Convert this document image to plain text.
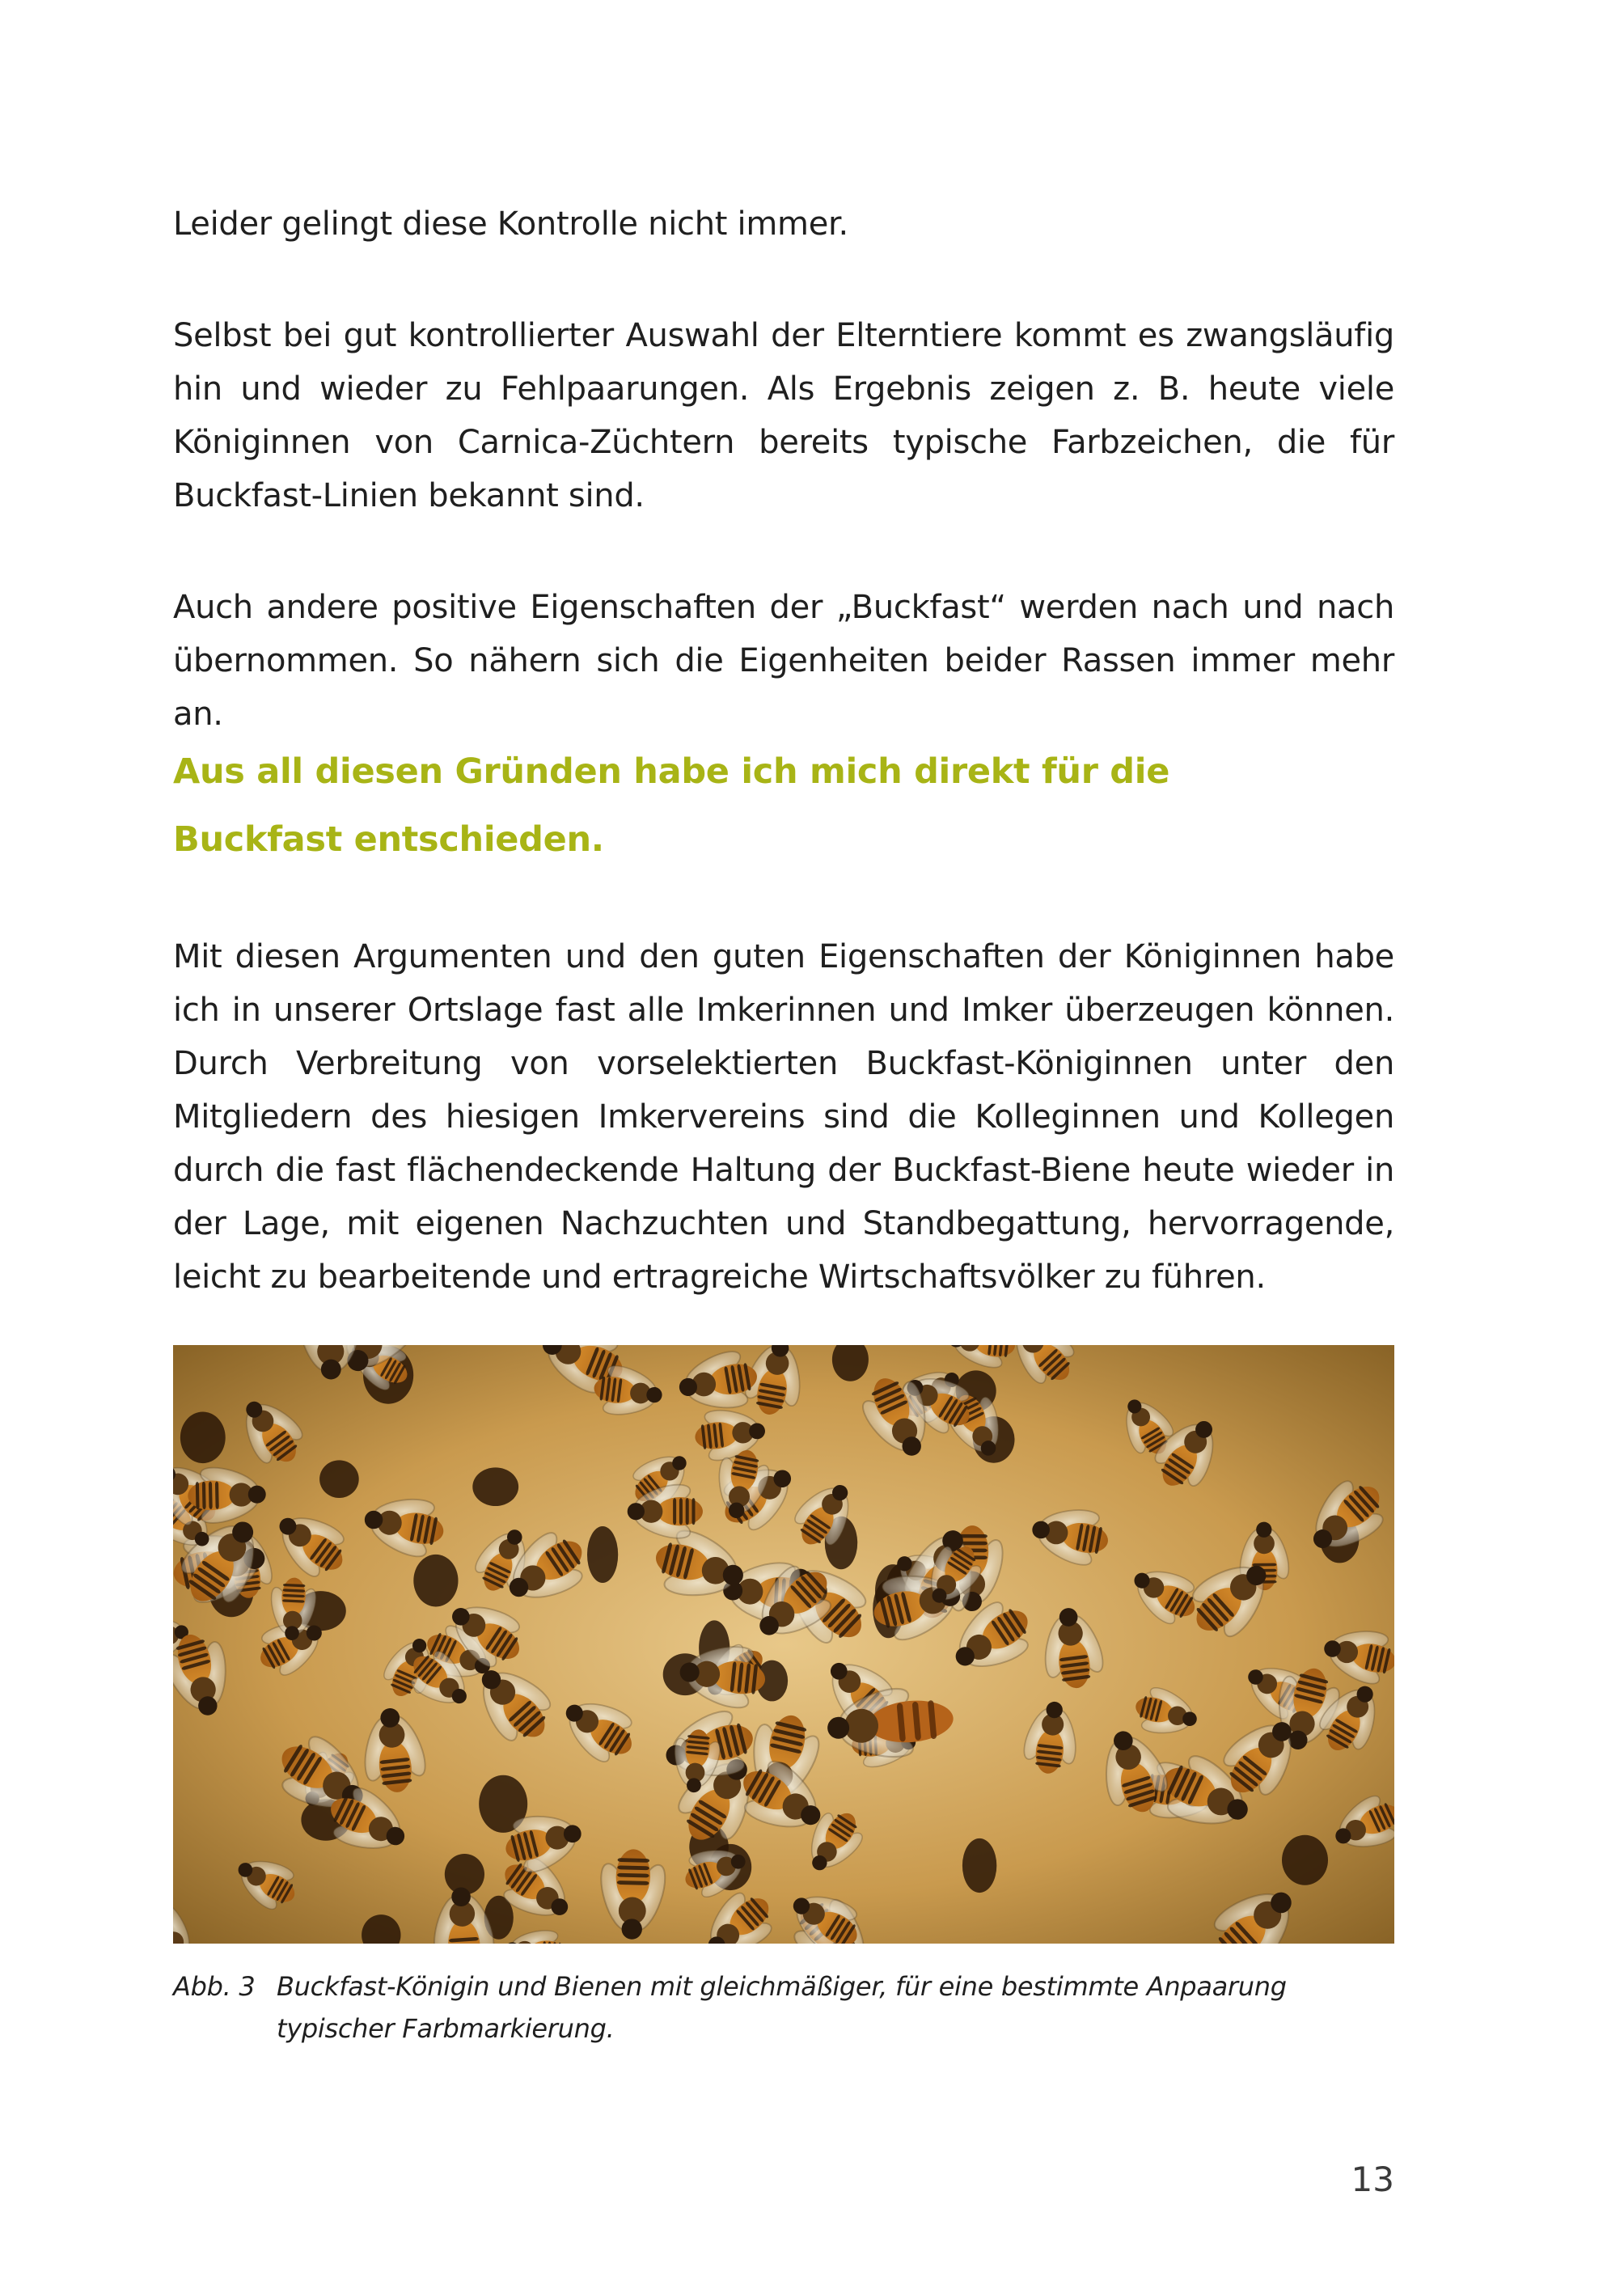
Leider gelingt diese Kontrolle nicht immer.

Selbst bei gut kontrollierter Auswahl der Elterntiere kommt es zwangsläufig hin und wieder zu Fehlpaarungen. Als Ergebnis zeigen z. B. heute viele Königinnen von Carnica-Züchtern bereits typische Farbzeichen, die für Buckfast-Linien bekannt sind.

Auch andere positive Eigenschaften der „Buckfast“ werden nach und nach übernommen. So nähern sich die Eigenheiten beider Rassen immer mehr an.

Aus all diesen Gründen habe ich mich direkt für die
Buckfast entschieden.

Mit diesen Argumenten und den guten Eigenschaften der Königinnen habe ich in unserer Ortslage fast alle Imkerinnen und Imker überzeugen können. Durch Verbreitung von vorselektierten Buckfast-Königinnen unter den Mitgliedern des hiesigen Imkervereins sind die Kolleginnen und Kollegen durch die fast flächendeckende Haltung der Buckfast-Biene heute wieder in der Lage, mit eigenen Nachzuchten und Standbegattung, hervorragende, leicht zu bearbeitende und ertragreiche Wirtschaftsvölker zu führen.

Abb. 3 Buckfast-Königin und Bienen mit gleichmäßiger, für eine bestimmte Anpaarung typischer Farbmarkierung.
13
